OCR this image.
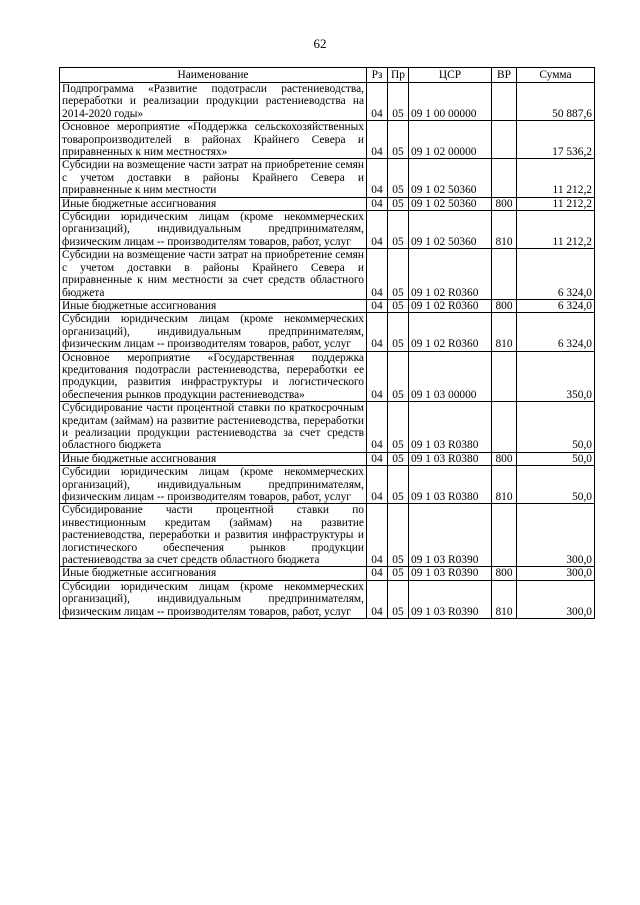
62
Наименование	Рз	Пр	ЦСР	ВР	Сумма
Подпрограмма «Развитие подотрасли растениеводства, переработки и реализации продукции растениеводства на 2014-2020 годы»	04	05	09 1 00 00000		50 887,6
Основное мероприятие «Поддержка сельскохозяйственных товаропроизводителей в районах Крайнего Севера и приравненных к ним местностях»	04	05	09 1 02 00000		17 536,2
Субсидии на возмещение части затрат на приобретение семян с учетом доставки в районы Крайнего Севера и приравненные к ним местности	04	05	09 1 02 50360		11 212,2
Иные бюджетные ассигнования	04	05	09 1 02 50360	800	11 212,2
Субсидии юридическим лицам (кроме некоммерческих организаций), индивидуальным предпринимателям, физическим лицам -- производителям товаров, работ, услуг	04	05	09 1 02 50360	810	11 212,2
Субсидии на возмещение части затрат на приобретение семян с учетом доставки в районы Крайнего Севера и приравненные к ним местности за счет средств областного бюджета	04	05	09 1 02 R0360		6 324,0
Иные бюджетные ассигнования	04	05	09 1 02 R0360	800	6 324,0
Субсидии юридическим лицам (кроме некоммерческих организаций), индивидуальным предпринимателям, физическим лицам -- производителям товаров, работ, услуг	04	05	09 1 02 R0360	810	6 324,0
Основное мероприятие «Государственная поддержка кредитования подотрасли растениеводства, переработки ее продукции, развития инфраструктуры и логистического обеспечения рынков продукции растениеводства»	04	05	09 1 03 00000		350,0
Субсидирование части процентной ставки по краткосрочным кредитам (займам) на развитие растениеводства, переработки и реализации продукции растениеводства за счет средств областного бюджета	04	05	09 1 03 R0380		50,0
Иные бюджетные ассигнования	04	05	09 1 03 R0380	800	50,0
Субсидии юридическим лицам (кроме некоммерческих организаций), индивидуальным предпринимателям, физическим лицам -- производителям товаров, работ, услуг	04	05	09 1 03 R0380	810	50,0
Субсидирование части процентной ставки по инвестиционным кредитам (займам) на развитие растениеводства, переработки и развития инфраструктуры и логистического обеспечения рынков продукции растениеводства за счет средств областного бюджета	04	05	09 1 03 R0390		300,0
Иные бюджетные ассигнования	04	05	09 1 03 R0390	800	300,0
Субсидии юридическим лицам (кроме некоммерческих организаций), индивидуальным предпринимателям, физическим лицам -- производителям товаров, работ, услуг	04	05	09 1 03 R0390	810	300,0
